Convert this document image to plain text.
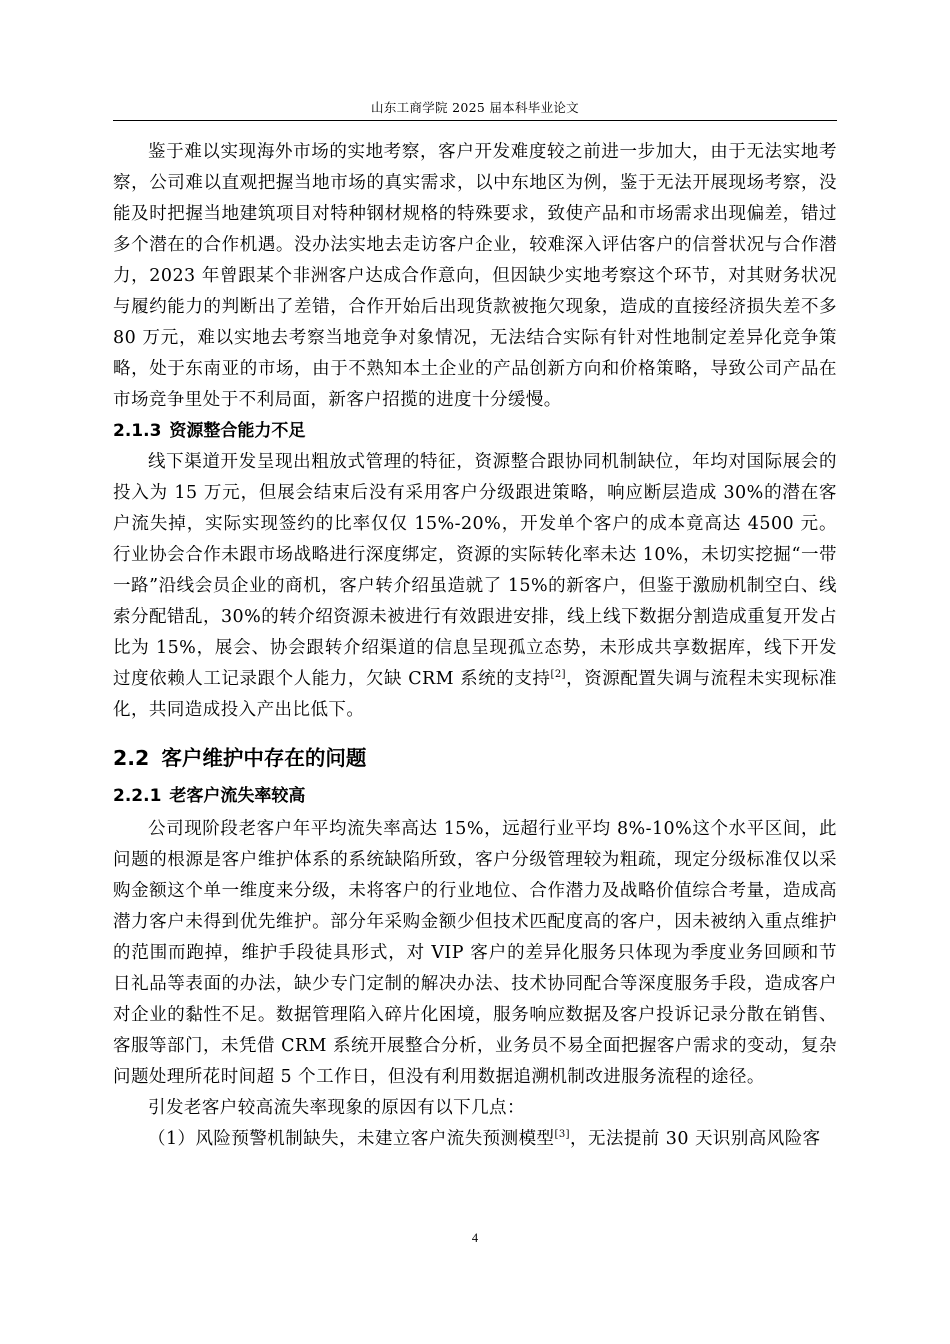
山东工商学院 2025 届本科毕业论文

鉴于难以实现海外市场的实地考察，客户开发难度较之前进一步加大，由于无法实地考察，公司难以直观把握当地市场的真实需求，以中东地区为例，鉴于无法开展现场考察，没能及时把握当地建筑项目对特种钢材规格的特殊要求，致使产品和市场需求出现偏差，错过多个潜在的合作机遇。没办法实地去走访客户企业，较难深入评估客户的信誉状况与合作潜力，2023 年曾跟某个非洲客户达成合作意向，但因缺少实地考察这个环节，对其财务状况与履约能力的判断出了差错，合作开始后出现货款被拖欠现象，造成的直接经济损失差不多 80 万元，难以实地去考察当地竞争对象情况，无法结合实际有针对性地制定差异化竞争策略，处于东南亚的市场，由于不熟知本土企业的产品创新方向和价格策略，导致公司产品在市场竞争里处于不利局面，新客户招揽的进度十分缓慢。

2.1.3 资源整合能力不足

线下渠道开发呈现出粗放式管理的特征，资源整合跟协同机制缺位，年均对国际展会的投入为 15 万元，但展会结束后没有采用客户分级跟进策略，响应断层造成 30%的潜在客户流失掉，实际实现签约的比率仅仅 15%-20%，开发单个客户的成本竟高达 4500 元。行业协会合作未跟市场战略进行深度绑定，资源的实际转化率未达 10%，未切实挖掘“一带一路”沿线会员企业的商机，客户转介绍虽造就了 15%的新客户，但鉴于激励机制空白、线索分配错乱，30%的转介绍资源未被进行有效跟进安排，线上线下数据分割造成重复开发占比为 15%，展会、协会跟转介绍渠道的信息呈现孤立态势，未形成共享数据库，线下开发过度依赖人工记录跟个人能力，欠缺 CRM 系统的支持[2]，资源配置失调与流程未实现标准化，共同造成投入产出比低下。

2.2 客户维护中存在的问题
2.2.1 老客户流失率较高

公司现阶段老客户年平均流失率高达 15%，远超行业平均 8%-10%这个水平区间，此问题的根源是客户维护体系的系统缺陷所致，客户分级管理较为粗疏，现定分级标准仅以采购金额这个单一维度来分级，未将客户的行业地位、合作潜力及战略价值综合考量，造成高潜力客户未得到优先维护。部分年采购金额少但技术匹配度高的客户，因未被纳入重点维护的范围而跑掉，维护手段徒具形式，对 VIP 客户的差异化服务只体现为季度业务回顾和节日礼品等表面的办法，缺少专门定制的解决办法、技术协同配合等深度服务手段，造成客户对企业的黏性不足。数据管理陷入碎片化困境，服务响应数据及客户投诉记录分散在销售、客服等部门，未凭借 CRM 系统开展整合分析，业务员不易全面把握客户需求的变动，复杂问题处理所花时间超 5 个工作日，但没有利用数据追溯机制改进服务流程的途径。

引发老客户较高流失率现象的原因有以下几点：

（1）风险预警机制缺失，未建立客户流失预测模型[3]，无法提前 30 天识别高风险客

4
